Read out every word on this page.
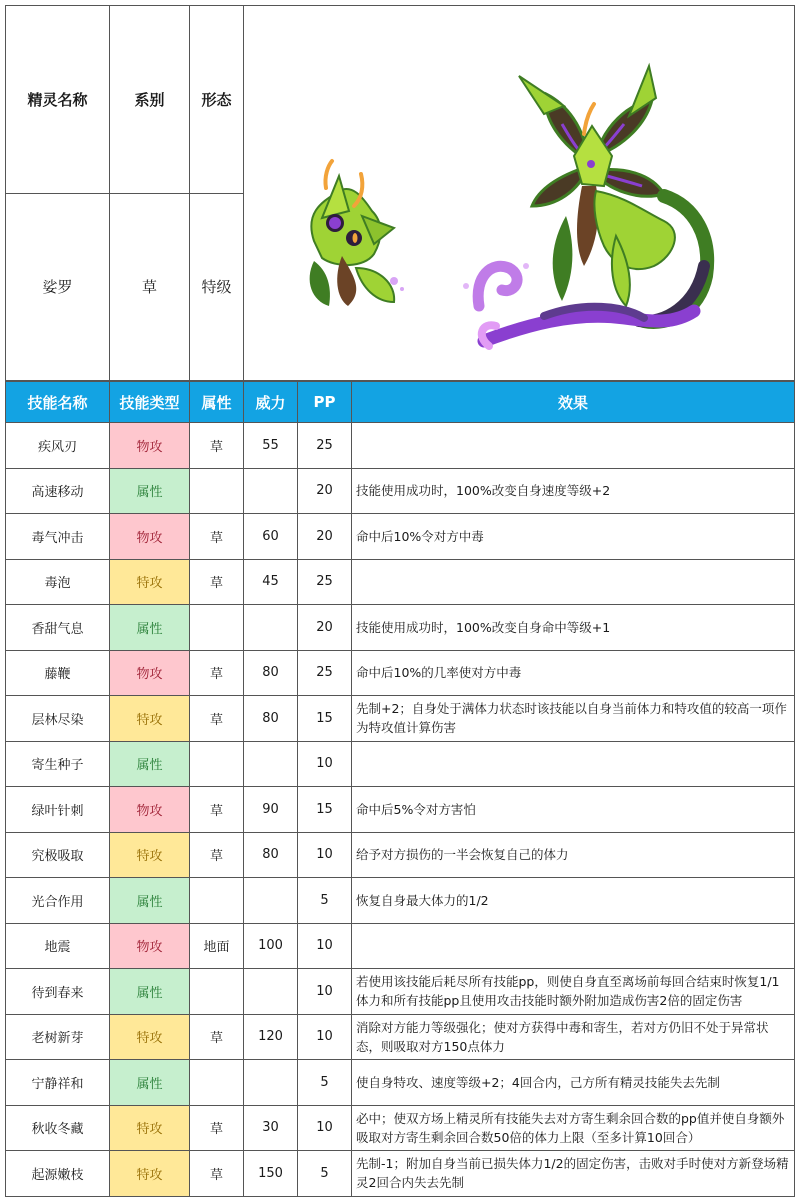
精灵名称	系别	形态	
娑罗	草	特级	
技能名称	技能类型	属性	威力	PP	效果
疾风刃	物攻	草	55	25	
高速移动	属性			20	技能使用成功时，100%改变自身速度等级+2
毒气冲击	物攻	草	60	20	命中后10%令对方中毒
毒泡	特攻	草	45	25	
香甜气息	属性			20	技能使用成功时，100%改变自身命中等级+1
藤鞭	物攻	草	80	25	命中后10%的几率使对方中毒
层林尽染	特攻	草	80	15	先制+2；自身处于满体力状态时该技能以自身当前体力和特攻值的较高一项作为特攻值计算伤害
寄生种子	属性			10	
绿叶针刺	物攻	草	90	15	命中后5%令对方害怕
究极吸取	特攻	草	80	10	给予对方损伤的一半会恢复自己的体力
光合作用	属性			5	恢复自身最大体力的1/2
地震	物攻	地面	100	10	
待到春来	属性			10	若使用该技能后耗尽所有技能pp，则使自身直至离场前每回合结束时恢复1/1体力和所有技能pp且使用攻击技能时额外附加造成伤害2倍的固定伤害
老树新芽	特攻	草	120	10	消除对方能力等级强化；使对方获得中毒和寄生，若对方仍旧不处于异常状态，则吸取对方150点体力
宁静祥和	属性			5	使自身特攻、速度等级+2；4回合内，己方所有精灵技能失去先制
秋收冬藏	特攻	草	30	10	必中；使双方场上精灵所有技能失去对方寄生剩余回合数的pp值并使自身额外吸取对方寄生剩余回合数50倍的体力上限（至多计算10回合）
起源嫩枝	特攻	草	150	5	先制-1；附加自身当前已损失体力1/2的固定伤害，击败对手时使对方新登场精灵2回合内失去先制
